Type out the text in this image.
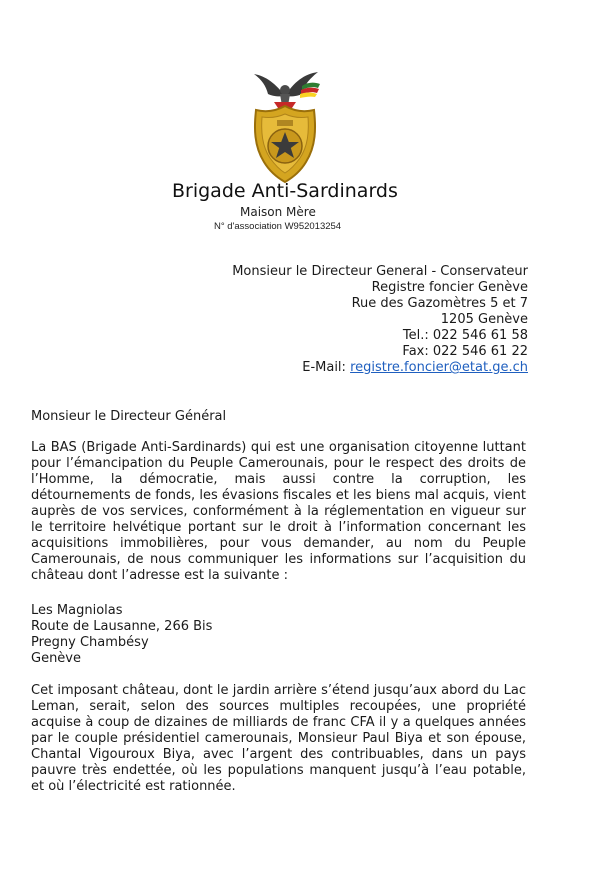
Brigade Anti-Sardinards
Maison Mère
N° d'association W952013254
Monsieur le Directeur General - Conservateur
Registre foncier Genève
Rue des Gazomètres 5 et 7
1205 Genève
Tel.: 022 546 61 58
Fax: 022 546 61 22
E-Mail: registre.foncier@etat.ge.ch
Monsieur le Directeur Général
La BAS (Brigade Anti-Sardinards) qui est une organisation citoyenne luttant pour l’émancipation du Peuple Camerounais, pour le respect des droits de l’Homme, la démocratie, mais aussi contre la corruption, les détournements de fonds, les évasions fiscales et les biens mal acquis, vient auprès de vos services, conformément à la réglementation en vigueur sur le territoire helvétique portant sur le droit à l’information concernant les acquisitions immobilières, pour vous demander, au nom du Peuple Camerounais, de nous communiquer les informations sur l’acquisition du château dont l’adresse est la suivante :
Les Magniolas
Route de Lausanne, 266 Bis
Pregny Chambésy
Genève
Cet imposant château, dont le jardin arrière s’étend jusqu’aux abord du Lac Leman, serait, selon des sources multiples recoupées, une propriété acquise à coup de dizaines de milliards de franc CFA il y a quelques années par le couple présidentiel camerounais, Monsieur Paul Biya et son épouse, Chantal Vigouroux Biya, avec l’argent des contribuables, dans un pays pauvre très endettée, où les populations manquent jusqu’à l’eau potable, et où l’électricité est rationnée.
